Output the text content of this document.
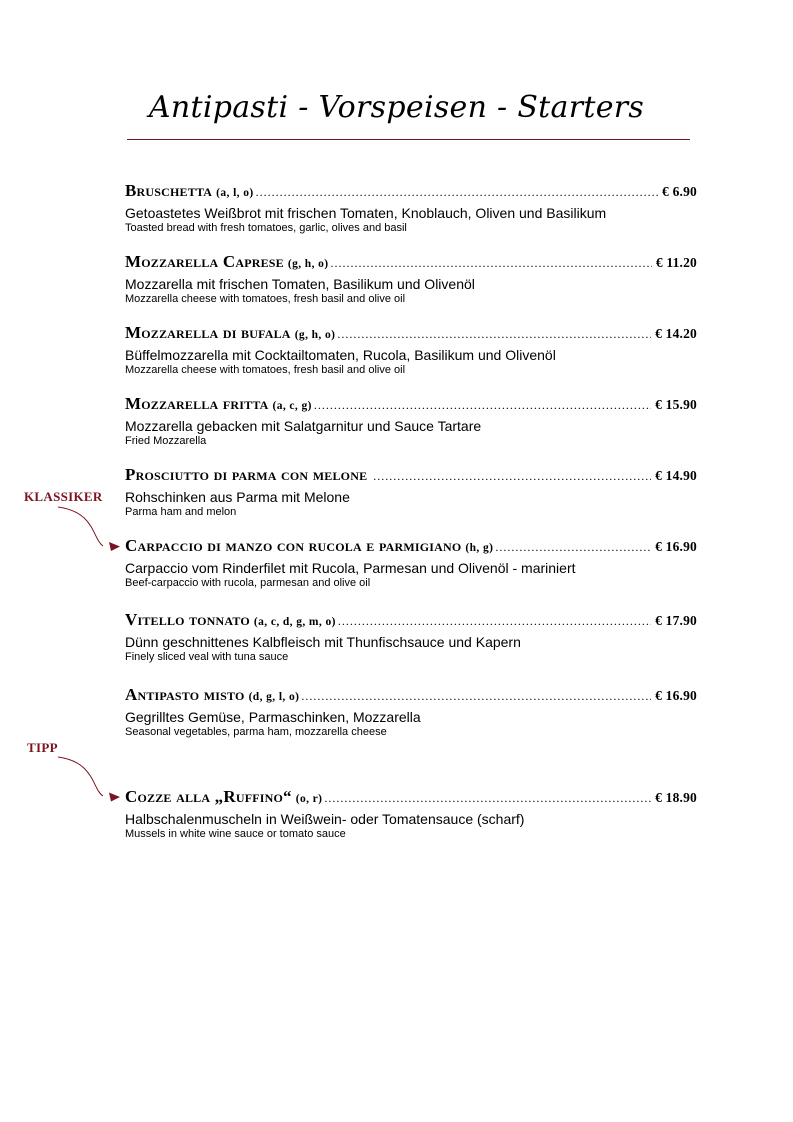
Antipasti - Vorspeisen - Starters
Bruschetta (a, l, o) .....	€ 6.90
Getoastetes Weißbrot mit frischen Tomaten, Knoblauch, Oliven und Basilikum
Toasted bread with fresh tomatoes, garlic, olives and basil
Mozzarella Caprese (g, h, o) .....	€ 11.20
Mozzarella mit frischen Tomaten, Basilikum und Olivenöl
Mozzarella cheese with tomatoes, fresh basil and olive oil
Mozzarella di bufala (g, h, o) .....	€ 14.20
Büffelmozzarella mit Cocktailtomaten, Rucola, Basilikum und Olivenöl
Mozzarella cheese with tomatoes, fresh basil and olive oil
Mozzarella fritta (a, c, g) .....	€ 15.90
Mozzarella gebacken mit Salatgarnitur und Sauce Tartare
Fried Mozzarella
Prosciutto di parma con melone .....	€ 14.90
Rohschinken aus Parma mit Melone
Parma ham and melon
Carpaccio di manzo con rucola e parmigiano (h, g) .....	€ 16.90
Carpaccio vom Rinderfilet mit Rucola, Parmesan und Olivenöl - mariniert
Beef-carpaccio with rucola, parmesan and olive oil
Vitello tonnato (a, c, d, g, m, o) .....	€ 17.90
Dünn geschnittenes Kalbfleisch mit Thunfischsauce und Kapern
Finely sliced veal with tuna sauce
Antipasto misto (d, g, l, o) .....	€ 16.90
Gegrilltes Gemüse, Parmaschinken, Mozzarella
Seasonal vegetables, parma ham, mozzarella cheese
Cozze alla „Ruffino“ (o, r) .....	€ 18.90
Halbschalenmuscheln in Weißwein- oder Tomatensauce (scharf)
Mussels in white wine sauce or tomato sauce
KLASSIKER
TIPP
